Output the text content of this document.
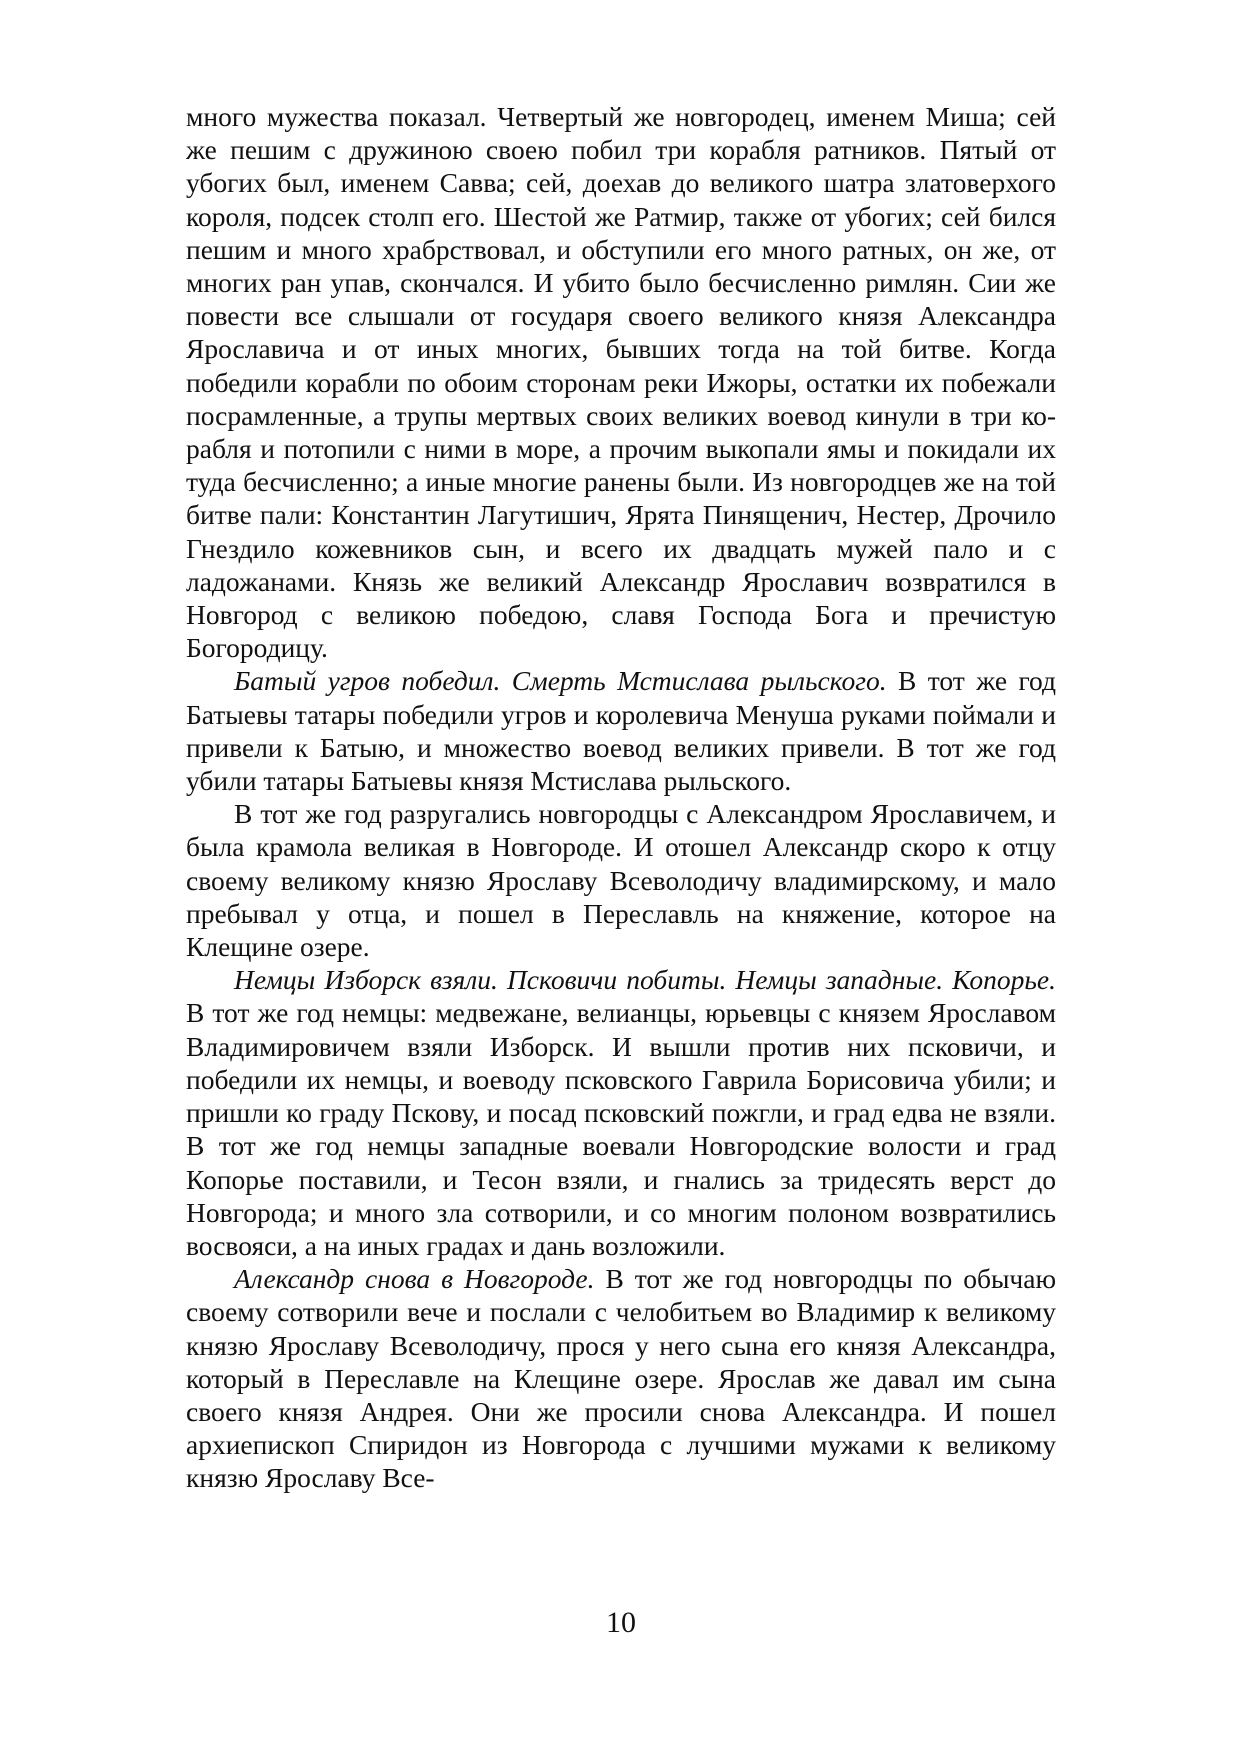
много мужества показал. Четвертый же новгородец, именем Миша; сей же пешим с дружиною своею побил три корабля ратников. Пятый от убогих был, именем Савва; сей, доехав до великого шатра златоверхого короля, подсек столп его. Шестой же Ратмир, также от убогих; сей бился пешим и много храбрствовал, и обступили его много ратных, он же, от многих ран упав, скончался. И убито было бесчисленно римлян. Сии же повести все слышали от государя своего великого князя Александра Ярославича и от иных многих, бывших тогда на той битве. Когда победили корабли по обоим сторонам реки Ижоры, остатки их побежали посрамленные, а трупы мертвых своих великих воевод кинули в три корабля и потопили с ними в море, а прочим выкопали ямы и покидали их туда бесчисленно; а иные многие ранены были. Из новгородцев же на той битве пали: Константин Лагутишич, Ярята Пинященич, Нестер, Дрочило Гнездило кожевников сын, и всего их двадцать мужей пало и с ладожанами. Князь же великий Александр Ярославич возвратился в Новгород с великою победою, славя Господа Бога и пречистую Богородицу.

Батый угров победил. Смерть Мстислава рыльского. В тот же год Батыевы татары победили угров и королевича Менуша руками поймали и привели к Батыю, и множество воевод великих привели. В тот же год убили татары Батыевы князя Мстислава рыльского.

В тот же год разругались новгородцы с Александром Ярославичем, и была крамола великая в Новгороде. И отошел Александр скоро к отцу своему великому князю Ярославу Всеволодичу владимирскому, и мало пребывал у отца, и пошел в Переславль на княжение, которое на Клещине озере.

Немцы Изборск взяли. Псковичи побиты. Немцы западные. Копорье. В тот же год немцы: медвежане, велианцы, юрьевцы с князем Ярославом Владимировичем взяли Изборск. И вышли против них псковичи, и победили их немцы, и воеводу псковского Гаврила Борисовича убили; и пришли ко граду Пскову, и посад псковский пожгли, и град едва не взяли. В тот же год немцы западные воевали Новгородские волости и град Копорье поставили, и Тесон взяли, и гнались за тридесять верст до Новгорода; и много зла сотворили, и со многим полоном возвратились восвояси, а на иных градах и дань возложили.

Александр снова в Новгороде. В тот же год новгородцы по обычаю своему сотворили вече и послали с челобитьем во Владимир к великому князю Ярославу Всеволодичу, прося у него сына его князя Александра, который в Переславле на Клещине озере. Ярослав же давал им сына своего князя Андрея. Они же просили снова Александра. И пошел архиепископ Спиридон из Новгорода с лучшими мужами к великому князю Ярославу Все-

10
